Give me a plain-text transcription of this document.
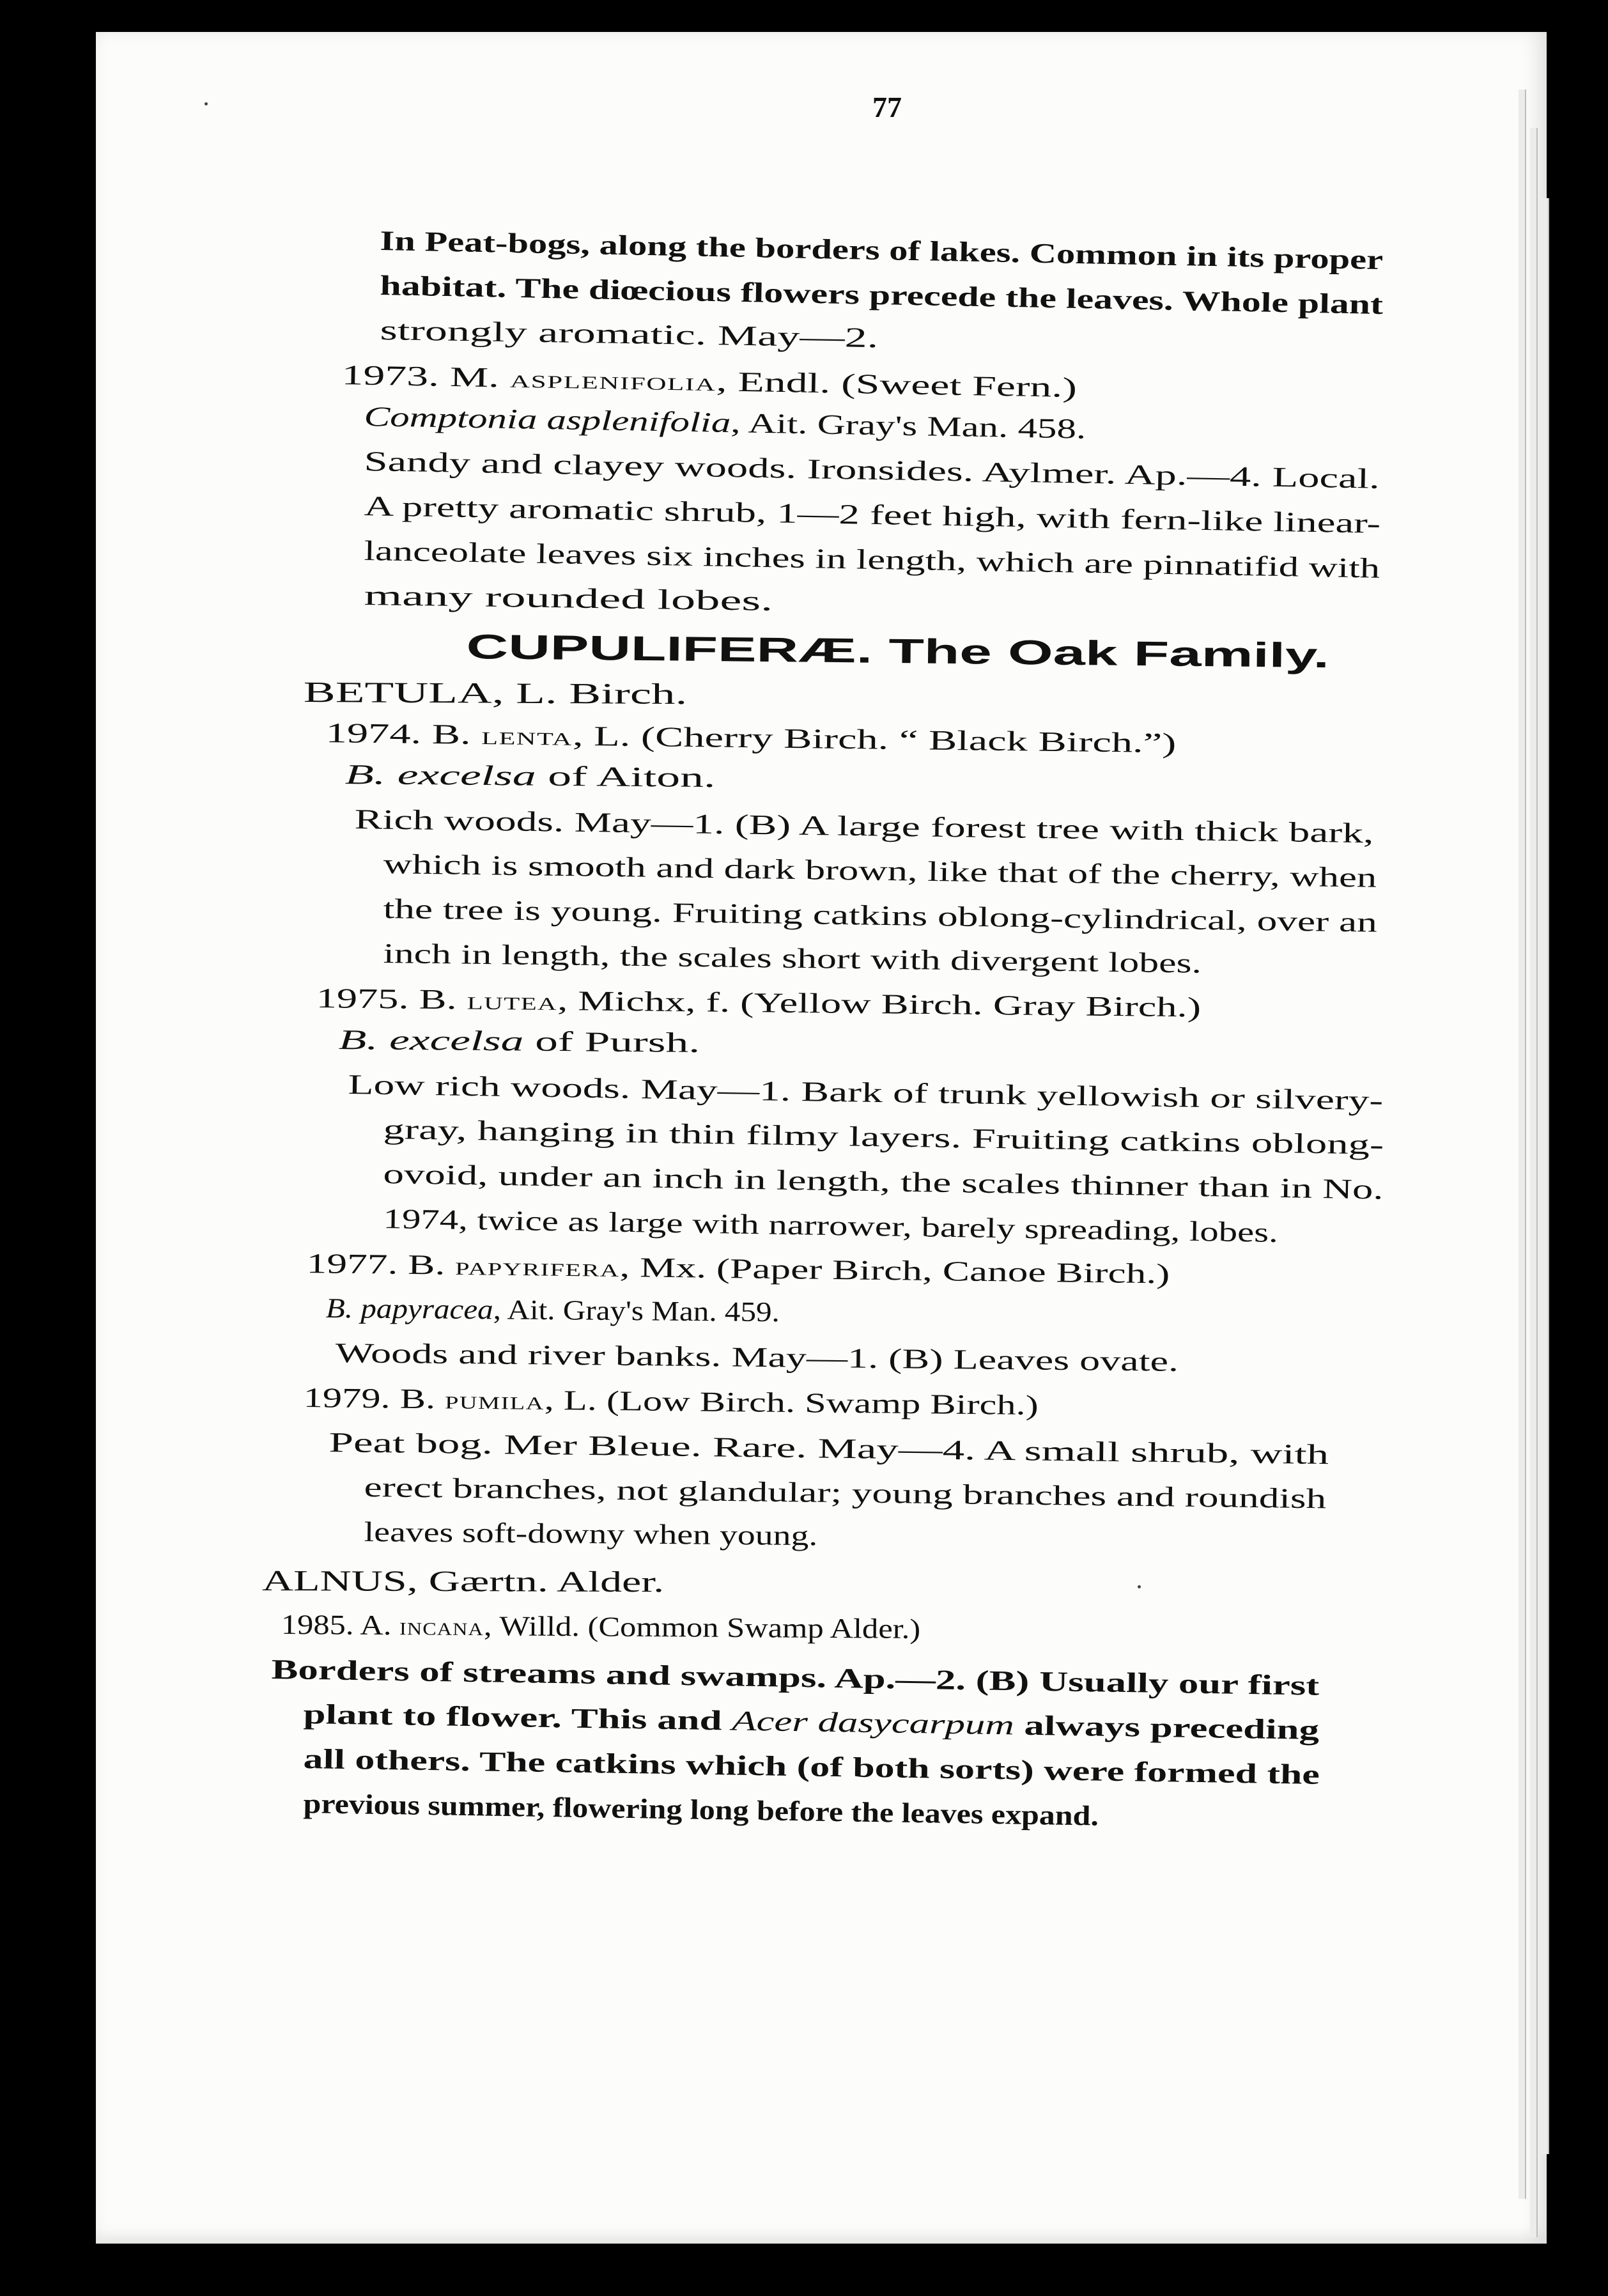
77
In Peat-bogs, along the borders of lakes. Common in its proper
habitat. The diœcious flowers precede the leaves. Whole plant
strongly aromatic. May—2.
1973. M. asplenifolia, Endl. (Sweet Fern.)
Comptonia asplenifolia, Ait. Gray's Man. 458.
Sandy and clayey woods. Ironsides. Aylmer. Ap.—4. Local.
A pretty aromatic shrub, 1—2 feet high, with fern-like linear-
lanceolate leaves six inches in length, which are pinnatifid with
many rounded lobes.
CUPULIFERÆ. The Oak Family.
BETULA, L. Birch.
1974. B. lenta, L. (Cherry Birch. “ Black Birch.”)
B. excelsa of Aiton.
Rich woods. May—1. (B) A large forest tree with thick bark,
which is smooth and dark brown, like that of the cherry, when
the tree is young. Fruiting catkins oblong-cylindrical, over an
inch in length, the scales short with divergent lobes.
1975. B. lutea, Michx, f. (Yellow Birch. Gray Birch.)
B. excelsa of Pursh.
Low rich woods. May—1. Bark of trunk yellowish or silvery-
gray, hanging in thin filmy layers. Fruiting catkins oblong-
ovoid, under an inch in length, the scales thinner than in No.
1974, twice as large with narrower, barely spreading, lobes.
1977. B. papyrifera, Mx. (Paper Birch, Canoe Birch.)
B. papyracea, Ait. Gray's Man. 459.
Woods and river banks. May—1. (B) Leaves ovate.
1979. B. pumila, L. (Low Birch. Swamp Birch.)
Peat bog. Mer Bleue. Rare. May—4. A small shrub, with
erect branches, not glandular; young branches and roundish
leaves soft-downy when young.
ALNUS, Gærtn. Alder.
1985. A. incana, Willd. (Common Swamp Alder.)
Borders of streams and swamps. Ap.—2. (B) Usually our first
plant to flower. This and Acer dasycarpum always preceding
all others. The catkins which (of both sorts) were formed the
previous summer, flowering long before the leaves expand.
